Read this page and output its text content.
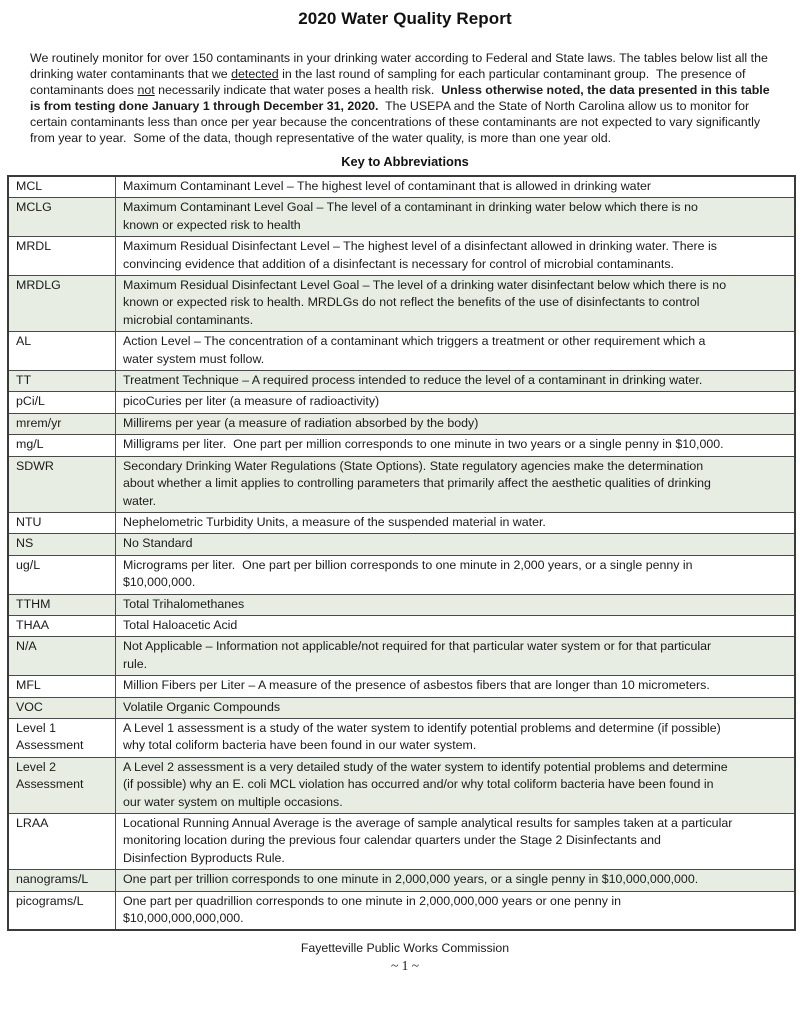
2020 Water Quality Report

We routinely monitor for over 150 contaminants in your drinking water according to Federal and State laws. The tables below list all the drinking water contaminants that we detected in the last round of sampling for each particular contaminant group.  The presence of contaminants does not necessarily indicate that water poses a health risk.  Unless otherwise noted, the data presented in this table is from testing done January 1 through December 31, 2020.  The USEPA and the State of North Carolina allow us to monitor for certain contaminants less than once per year because the concentrations of these contaminants are not expected to vary significantly from year to year.  Some of the data, though representative of the water quality, is more than one year old.

Key to Abbreviations
MCL	Maximum Contaminant Level – The highest level of contaminant that is allowed in drinking water

MCLG	Maximum Contaminant Level Goal – The level of a contaminant in drinking water below which there is no
known or expected risk to health

MRDL	Maximum Residual Disinfectant Level – The highest level of a disinfectant allowed in drinking water. There is
convincing evidence that addition of a disinfectant is necessary for control of microbial contaminants.

MRDLG	Maximum Residual Disinfectant Level Goal – The level of a drinking water disinfectant below which there is no
known or expected risk to health. MRDLGs do not reflect the benefits of the use of disinfectants to control
microbial contaminants.

AL	Action Level – The concentration of a contaminant which triggers a treatment or other requirement which a
water system must follow.

TT	Treatment Technique – A required process intended to reduce the level of a contaminant in drinking water.

pCi/L	picoCuries per liter (a measure of radioactivity)

mrem/yr	Millirems per year (a measure of radiation absorbed by the body)

mg/L	Milligrams per liter.  One part per million corresponds to one minute in two years or a single penny in $10,000.

SDWR	Secondary Drinking Water Regulations (State Options). State regulatory agencies make the determination
about whether a limit applies to controlling parameters that primarily affect the aesthetic qualities of drinking
water.

NTU	Nephelometric Turbidity Units, a measure of the suspended material in water.

NS	No Standard

ug/L	Micrograms per liter.  One part per billion corresponds to one minute in 2,000 years, or a single penny in
$10,000,000.

TTHM	Total Trihalomethanes

THAA	Total Haloacetic Acid

N/A	Not Applicable – Information not applicable/not required for that particular water system or for that particular
rule.

MFL	Million Fibers per Liter – A measure of the presence of asbestos fibers that are longer than 10 micrometers.

VOC	Volatile Organic Compounds

Level 1 Assessment	A Level 1 assessment is a study of the water system to identify potential problems and determine (if possible)
why total coliform bacteria have been found in our water system.

Level 2 Assessment	A Level 2 assessment is a very detailed study of the water system to identify potential problems and determine
(if possible) why an E. coli MCL violation has occurred and/or why total coliform bacteria have been found in
our water system on multiple occasions.

LRAA	Locational Running Annual Average is the average of sample analytical results for samples taken at a particular
monitoring location during the previous four calendar quarters under the Stage 2 Disinfectants and
Disinfection Byproducts Rule.

nanograms/L	One part per trillion corresponds to one minute in 2,000,000 years, or a single penny in $10,000,000,000.

picograms/L	One part per quadrillion corresponds to one minute in 2,000,000,000 years or one penny in
$10,000,000,000,000.
Fayetteville Public Works Commission
~ 1 ~
